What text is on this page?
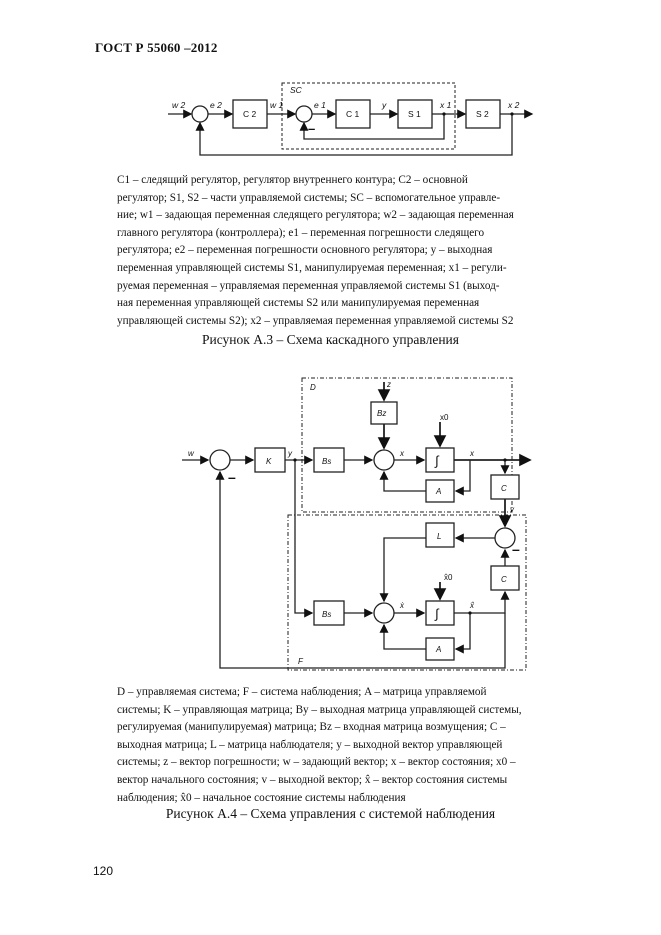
ГОСТ Р 55060 –2012
SC
w 2	e 2
C 2
w 1	e 1
C 1
y
S 1
x 1
S 2
x 2
–

C1 – следящий регулятор, регулятор внутреннего контура; C2 – основной

регулятор; S1, S2 – части управляемой системы; SC – вспомогательное управле-

ние; w1 – задающая переменная следящего регулятора; w2 – задающая переменная

главного регулятора (контроллера); e1 – переменная погрешности следящего

регулятора; e2 – переменная погрешности основного регулятора; y – выходная

переменная управляющей системы S1, манипулируемая переменная; x1 – регули-

руемая переменная – управляемая переменная управляемой системы S1 (выход-

ная переменная управляющей системы S2 или манипулируемая переменная

управляющей системы S2); x2 – управляемая переменная управляемой системы S2

Рисунок А.3 – Схема каскадного управления
D
F
w
K
y
Bs
z
Bz	x0
x ∫	x
A	C
v
L
C
x̂0
Bs
ẋ
∫
x̂
A
–
–

D – управляемая система; F – система наблюдения; A – матрица управляемой

системы; K – управляющая матрица; By – выходная матрица управляющей системы,

регулируемая (манипулируемая) матрица; Bz – входная матрица возмущения; C –

выходная матрица; L – матрица наблюдателя; y – выходной вектор управляющей

системы; z – вектор погрешности; w – задающий вектор; x – вектор состояния; x0 –

вектор начального состояния; v – выходной вектор; x̂ – вектор состояния системы

наблюдения; x̂0 – начальное состояние системы наблюдения

Рисунок А.4 – Схема управления с системой наблюдения
120
